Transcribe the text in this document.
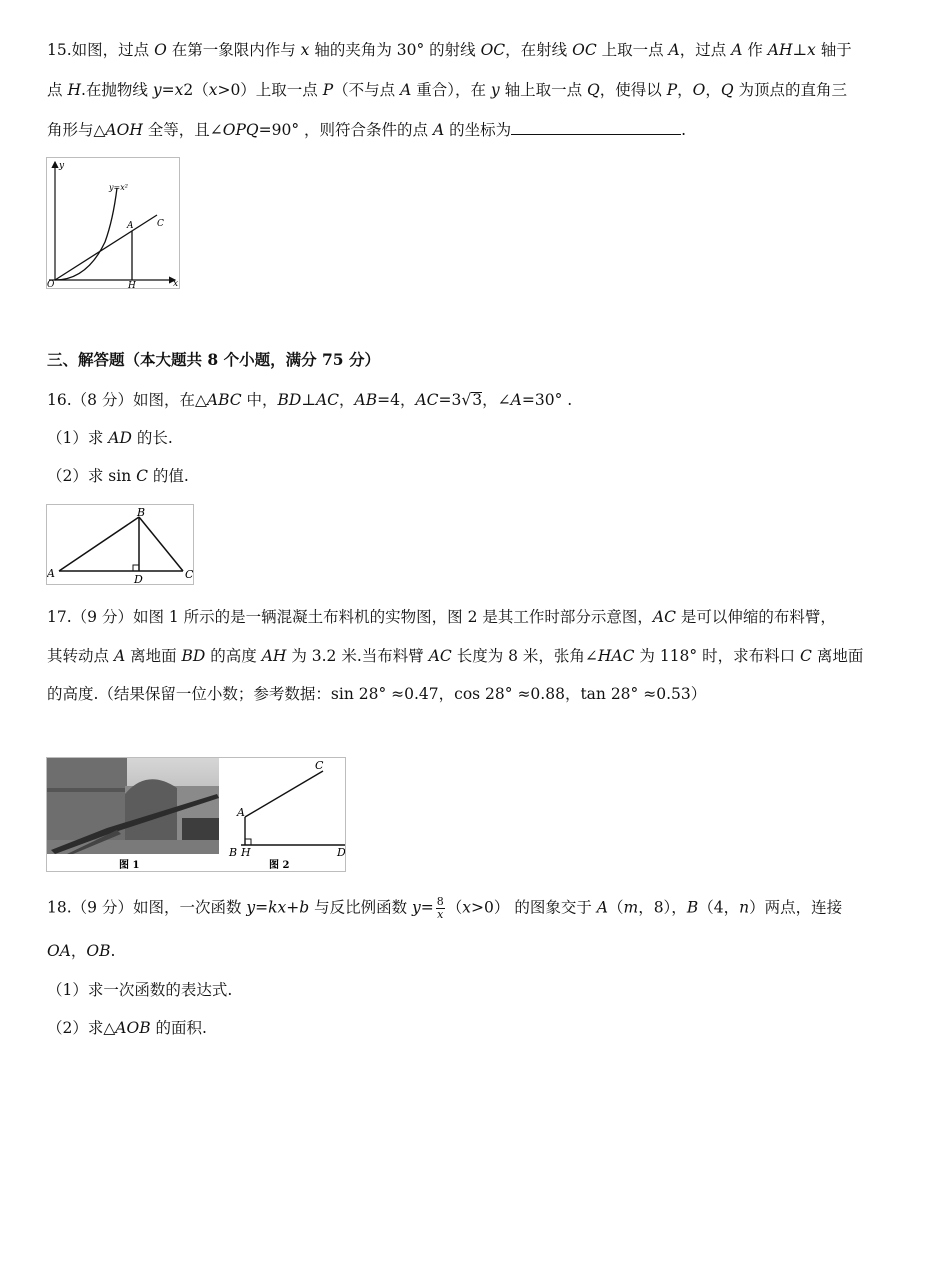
15.如图，过点 O 在第一象限内作与 x 轴的夹角为 30° 的射线 OC，在射线 OC 上取一点 A，过点 A 作 AH⊥x 轴于
点 H.在抛物线 y=x2（x>0）上取一点 P（不与点 A 重合），在 y 轴上取一点 Q，使得以 P，O，Q 为顶点的直角三
角形与△AOH 全等，且∠OPQ=90° ，则符合条件的点 A 的坐标为	.
y
x
y=x²
A	C
O	H
三、解答题（本大题共 8 个小题，满分 75 分）
16.（8 分）如图，在△ABC 中，BD⊥AC，AB=4，AC=3√3，∠A=30° .
（1）求 AD 的长.
（2）求 sin C 的值.
A
B
C
D
17.（9 分）如图 1 所示的是一辆混凝土布料机的实物图，图 2 是其工作时部分示意图，AC 是可以伸缩的布料臂，
其转动点 A 离地面 BD 的高度 AH 为 3.2 米.当布料臂 AC 长度为 8 米，张角∠HAC 为 118° 时，求布料口 C 离地面
的高度.（结果保留一位小数；参考数据：sin 28° ≈0.47，cos 28° ≈0.88，tan 28° ≈0.53）
A
B H
C
D
图 1	图 2
18.（9 分）如图，一次函数 y=kx+b 与反比例函数 $y= \frac{8}{x} (x>0)$ 的图象交于 A（m，8），B（4，n）两点，连接
OA，OB.
（1）求一次函数的表达式.
（2）求△AOB 的面积.
